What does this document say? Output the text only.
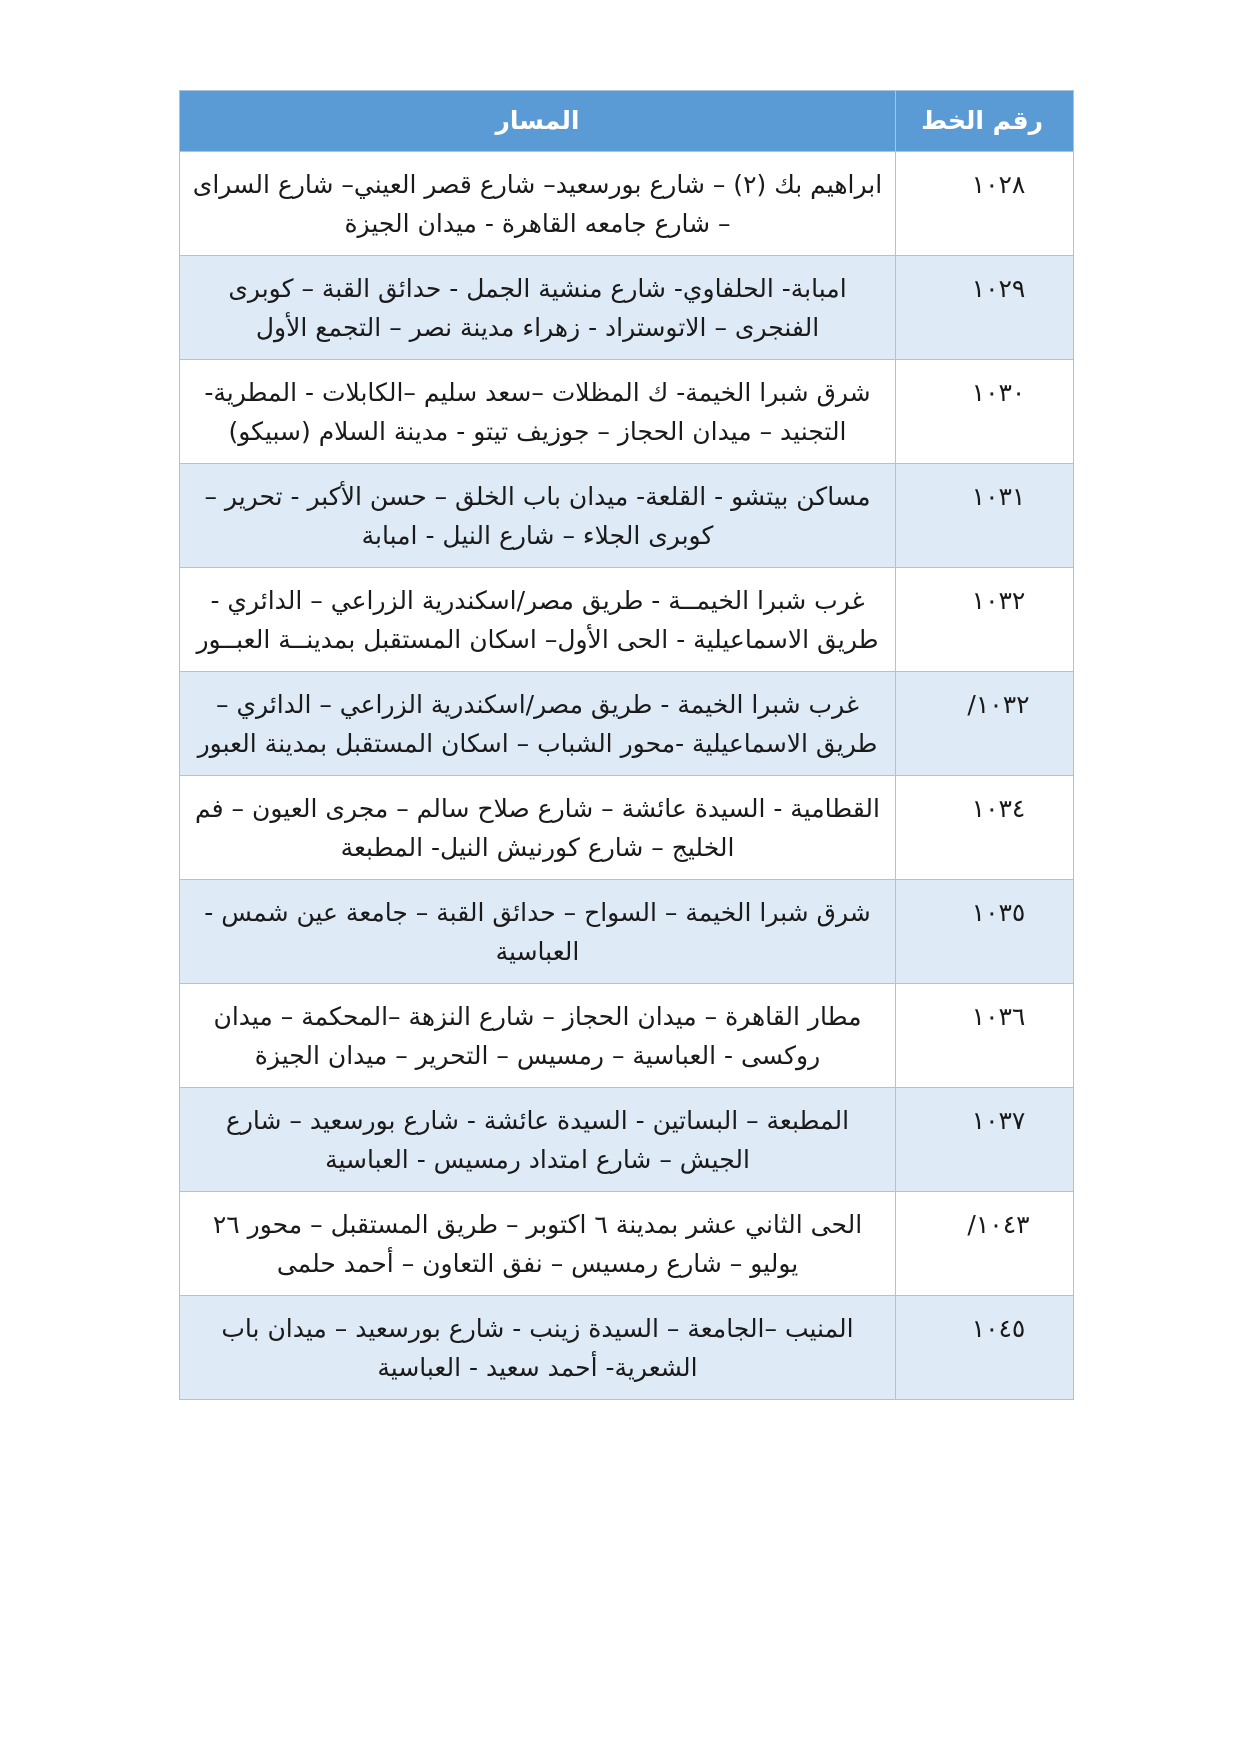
رقم الخط	المسار
١٠٢٨	ابراهيم بك (٢) – شارع بورسعيد– شارع قصر العيني– شارع السراى – شارع جامعه القاهرة - ميدان الجيزة
١٠٢٩	امبابة- الحلفاوي- شارع منشية الجمل - حدائق القبة – كوبرى الفنجرى – الاتوستراد - زهراء مدينة نصر – التجمع الأول
١٠٣٠	شرق شبرا الخيمة- ك المظلات –سعد سليم –الكابلات - المطرية- التجنيد – ميدان الحجاز – جوزيف تيتو - مدينة السلام (سبيكو)
١٠٣١	مساكن بيتشو - القلعة- ميدان باب الخلق – حسن الأكبر - تحرير – كوبرى الجلاء – شارع النيل - امبابة
١٠٣٢	غرب شبرا الخيمــة - طريق مصر/اسكندرية الزراعي – الدائري - طريق الاسماعيلية - الحى الأول– اسكان المستقبل بمدينــة العبــور
١٠٣٢/	غرب شبرا الخيمة - طريق مصر/اسكندرية الزراعي – الدائري – طريق الاسماعيلية -محور الشباب – اسكان المستقبل بمدينة العبور
١٠٣٤	القطامية - السيدة عائشة – شارع صلاح سالم – مجرى العيون – فم الخليج – شارع كورنيش النيل- المطبعة
١٠٣٥	شرق شبرا الخيمة – السواح – حدائق القبة – جامعة عين شمس - العباسية
١٠٣٦	مطار القاهرة – ميدان الحجاز – شارع النزهة –المحكمة – ميدان روكسى - العباسية – رمسيس – التحرير – ميدان الجيزة
١٠٣٧	المطبعة – البساتين - السيدة عائشة - شارع بورسعيد – شارع الجيش – شارع امتداد رمسيس - العباسية
١٠٤٣/	الحى الثاني عشر بمدينة ٦ اكتوبر – طريق المستقبل – محور ٢٦ يوليو – شارع رمسيس – نفق التعاون – أحمد حلمى
١٠٤٥	المنيب –الجامعة – السيدة زينب - شارع بورسعيد – ميدان باب الشعرية- أحمد سعيد - العباسية
